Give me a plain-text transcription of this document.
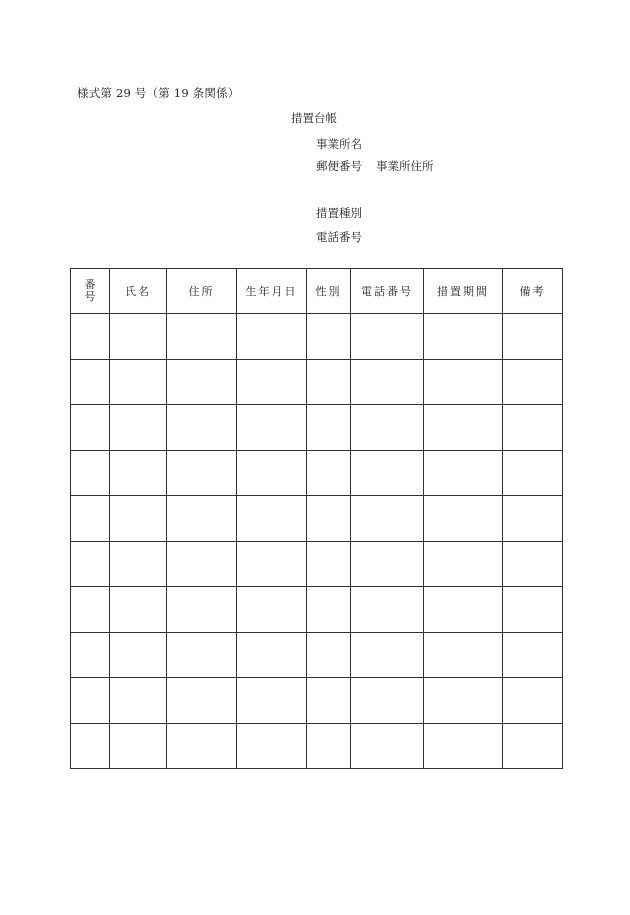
様式第 29 号（第 19 条関係）
措置台帳
事業所名
郵便番号 事業所住所
措置種別
電話番号
番号	氏名	住所	生年月日	性別	電話番号	措置期間	備考
